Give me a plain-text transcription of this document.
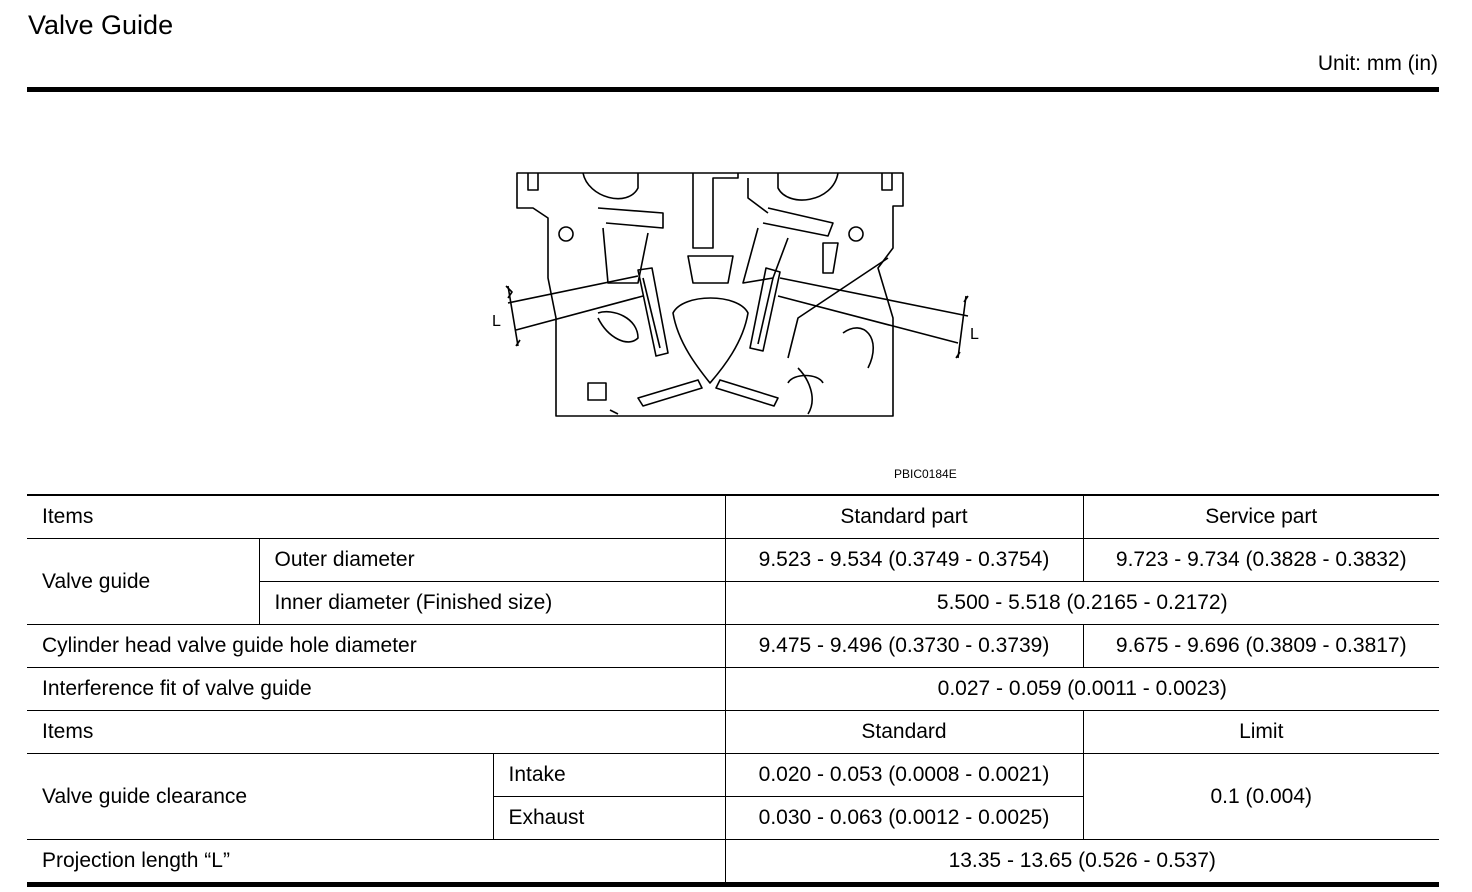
Valve Guide
Unit: mm (in)
L
L
PBIC0184E
Items			Standard part	Service part
Valve guide	Outer diameter		9.523 - 9.534 (0.3749 - 0.3754)	9.723 - 9.734 (0.3828 - 0.3832)
	Inner diameter (Finished size)		5.500 - 5.518 (0.2165 - 0.2172)	
Cylinder head valve guide hole diameter			9.475 - 9.496 (0.3730 - 0.3739)	9.675 - 9.696 (0.3809 - 0.3817)
Interference fit of valve guide			0.027 - 0.059 (0.0011 - 0.0023)	
Items			Standard	Limit
Valve guide clearance		Intake	0.020 - 0.053 (0.0008 - 0.0021)	0.1 (0.004)
		Exhaust	0.030 - 0.063 (0.0012 - 0.0025)	
Projection length “L”			13.35 - 13.65 (0.526 - 0.537)	
